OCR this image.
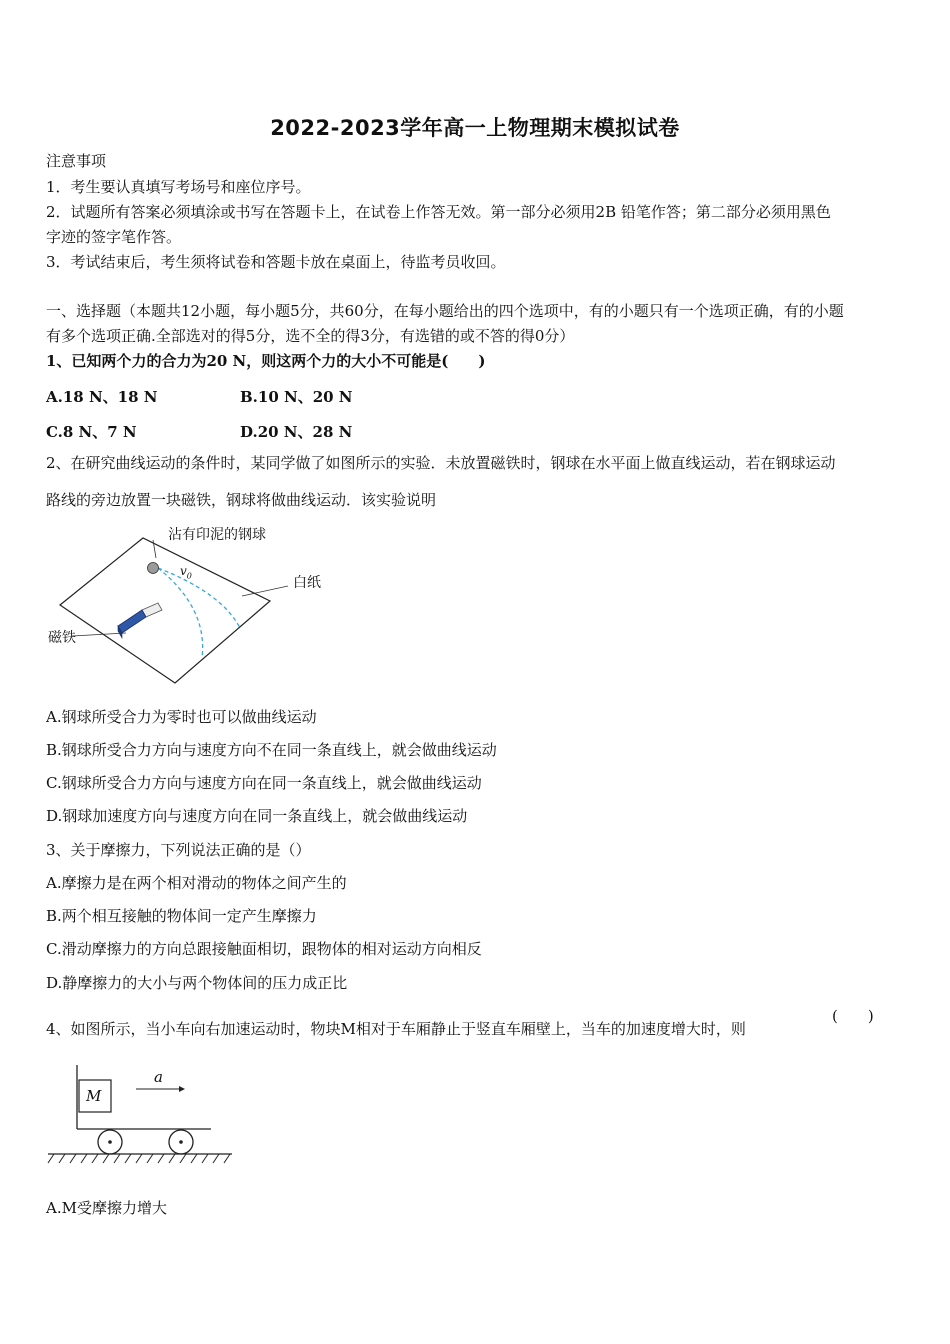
2022-2023学年高一上物理期末模拟试卷
注意事项
1．考生要认真填写考场号和座位序号。
2．试题所有答案必须填涂或书写在答题卡上，在试卷上作答无效。第一部分必须用2B 铅笔作答；第二部分必须用黑色
字迹的签字笔作答。
3．考试结束后，考生须将试卷和答题卡放在桌面上，待监考员收回。
一、选择题（本题共12小题，每小题5分，共60分，在每小题给出的四个选项中，有的小题只有一个选项正确，有的小题
有多个选项正确.全部选对的得5分，选不全的得3分，有选错的或不答的得0分）
1、已知两个力的合力为20 N，则这两个力的大小不可能是(　　)
A.18 N、18 N	B.10 N、20 N
C.8 N、7 N	D.20 N、28 N
2、在研究曲线运动的条件时，某同学做了如图所示的实验．未放置磁铁时，钢球在水平面上做直线运动，若在钢球运动
路线的旁边放置一块磁铁，钢球将做曲线运动．该实验说明
沾有印泥的钢球
白纸
磁铁
$v_0$
A.钢球所受合力为零时也可以做曲线运动
B.钢球所受合力方向与速度方向不在同一条直线上，就会做曲线运动
C.钢球所受合力方向与速度方向在同一条直线上，就会做曲线运动
D.钢球加速度方向与速度方向在同一条直线上，就会做曲线运动
3、关于摩擦力，下列说法正确的是（）
A.摩擦力是在两个相对滑动的物体之间产生的
B.两个相互接触的物体间一定产生摩擦力
C.滑动摩擦力的方向总跟接触面相切，跟物体的相对运动方向相反
D.静摩擦力的大小与两个物体间的压力成正比
4、如图所示，当小车向右加速运动时，物块M相对于车厢静止于竖直车厢壁上，当车的加速度增大时，则
(　　)
M
a
A.M受摩擦力增大
